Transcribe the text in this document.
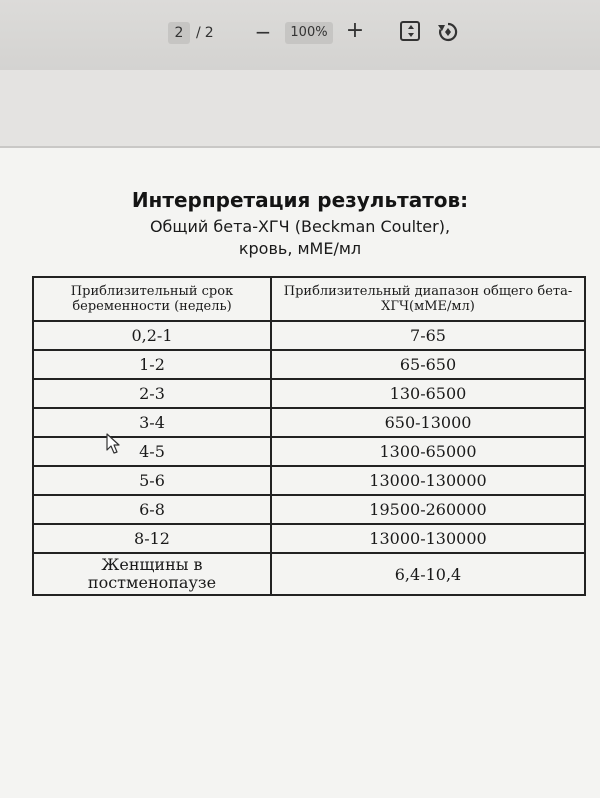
2 / 2 −	100% +
Интерпретация результатов:
Общий бета-ХГЧ (Beckman Coulter),
кровь, мМЕ/мл
Приблизительный срок беременности (недель)	Приблизительный диапазон общего бета-ХГЧ(мМЕ/мл)
0,2-1	7-65
1-2	65-650
2-3	130-6500
3-4	650-13000
4-5	1300-65000
5-6	13000-130000
6-8	19500-260000
8-12	13000-130000
Женщины в постменопаузе	6,4-10,4
